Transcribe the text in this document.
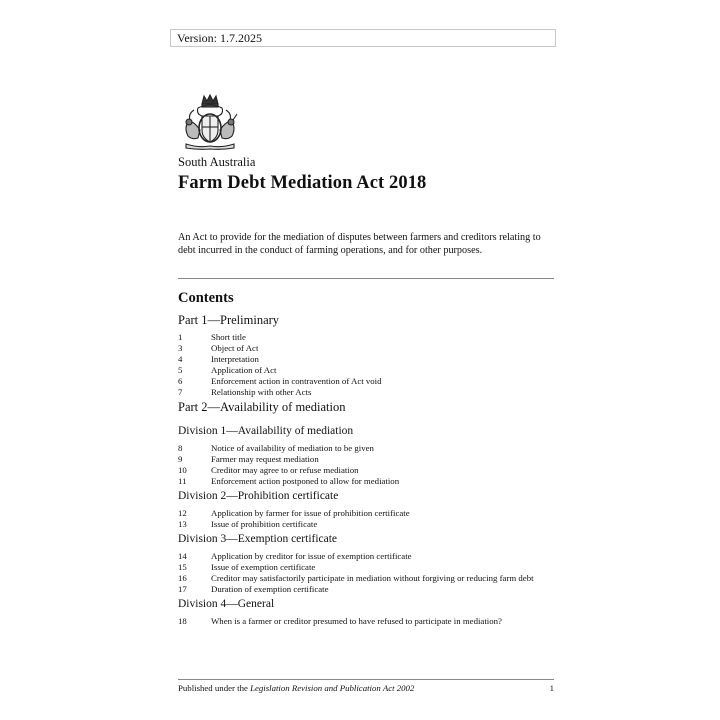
Version: 1.7.2025
South Australia
Farm Debt Mediation Act 2018

An Act to provide for the mediation of disputes between farmers and creditors relating to debt incurred in the conduct of farming operations, and for other purposes.

Contents
Part 1—Preliminary
1	Short title
3	Object of Act
4	Interpretation
5	Application of Act
6	Enforcement action in contravention of Act void
7	Relationship with other Acts
Part 2—Availability of mediation
Division 1—Availability of mediation
8	Notice of availability of mediation to be given
9	Farmer may request mediation
10	Creditor may agree to or refuse mediation
11	Enforcement action postponed to allow for mediation
Division 2—Prohibition certificate
12	Application by farmer for issue of prohibition certificate
13	Issue of prohibition certificate
Division 3—Exemption certificate
14	Application by creditor for issue of exemption certificate
15	Issue of exemption certificate
16	Creditor may satisfactorily participate in mediation without forgiving or reducing farm debt
17	Duration of exemption certificate
Division 4—General
18	When is a farmer or creditor presumed to have refused to participate in mediation?
Published under the Legislation Revision and Publication Act 2002	1
